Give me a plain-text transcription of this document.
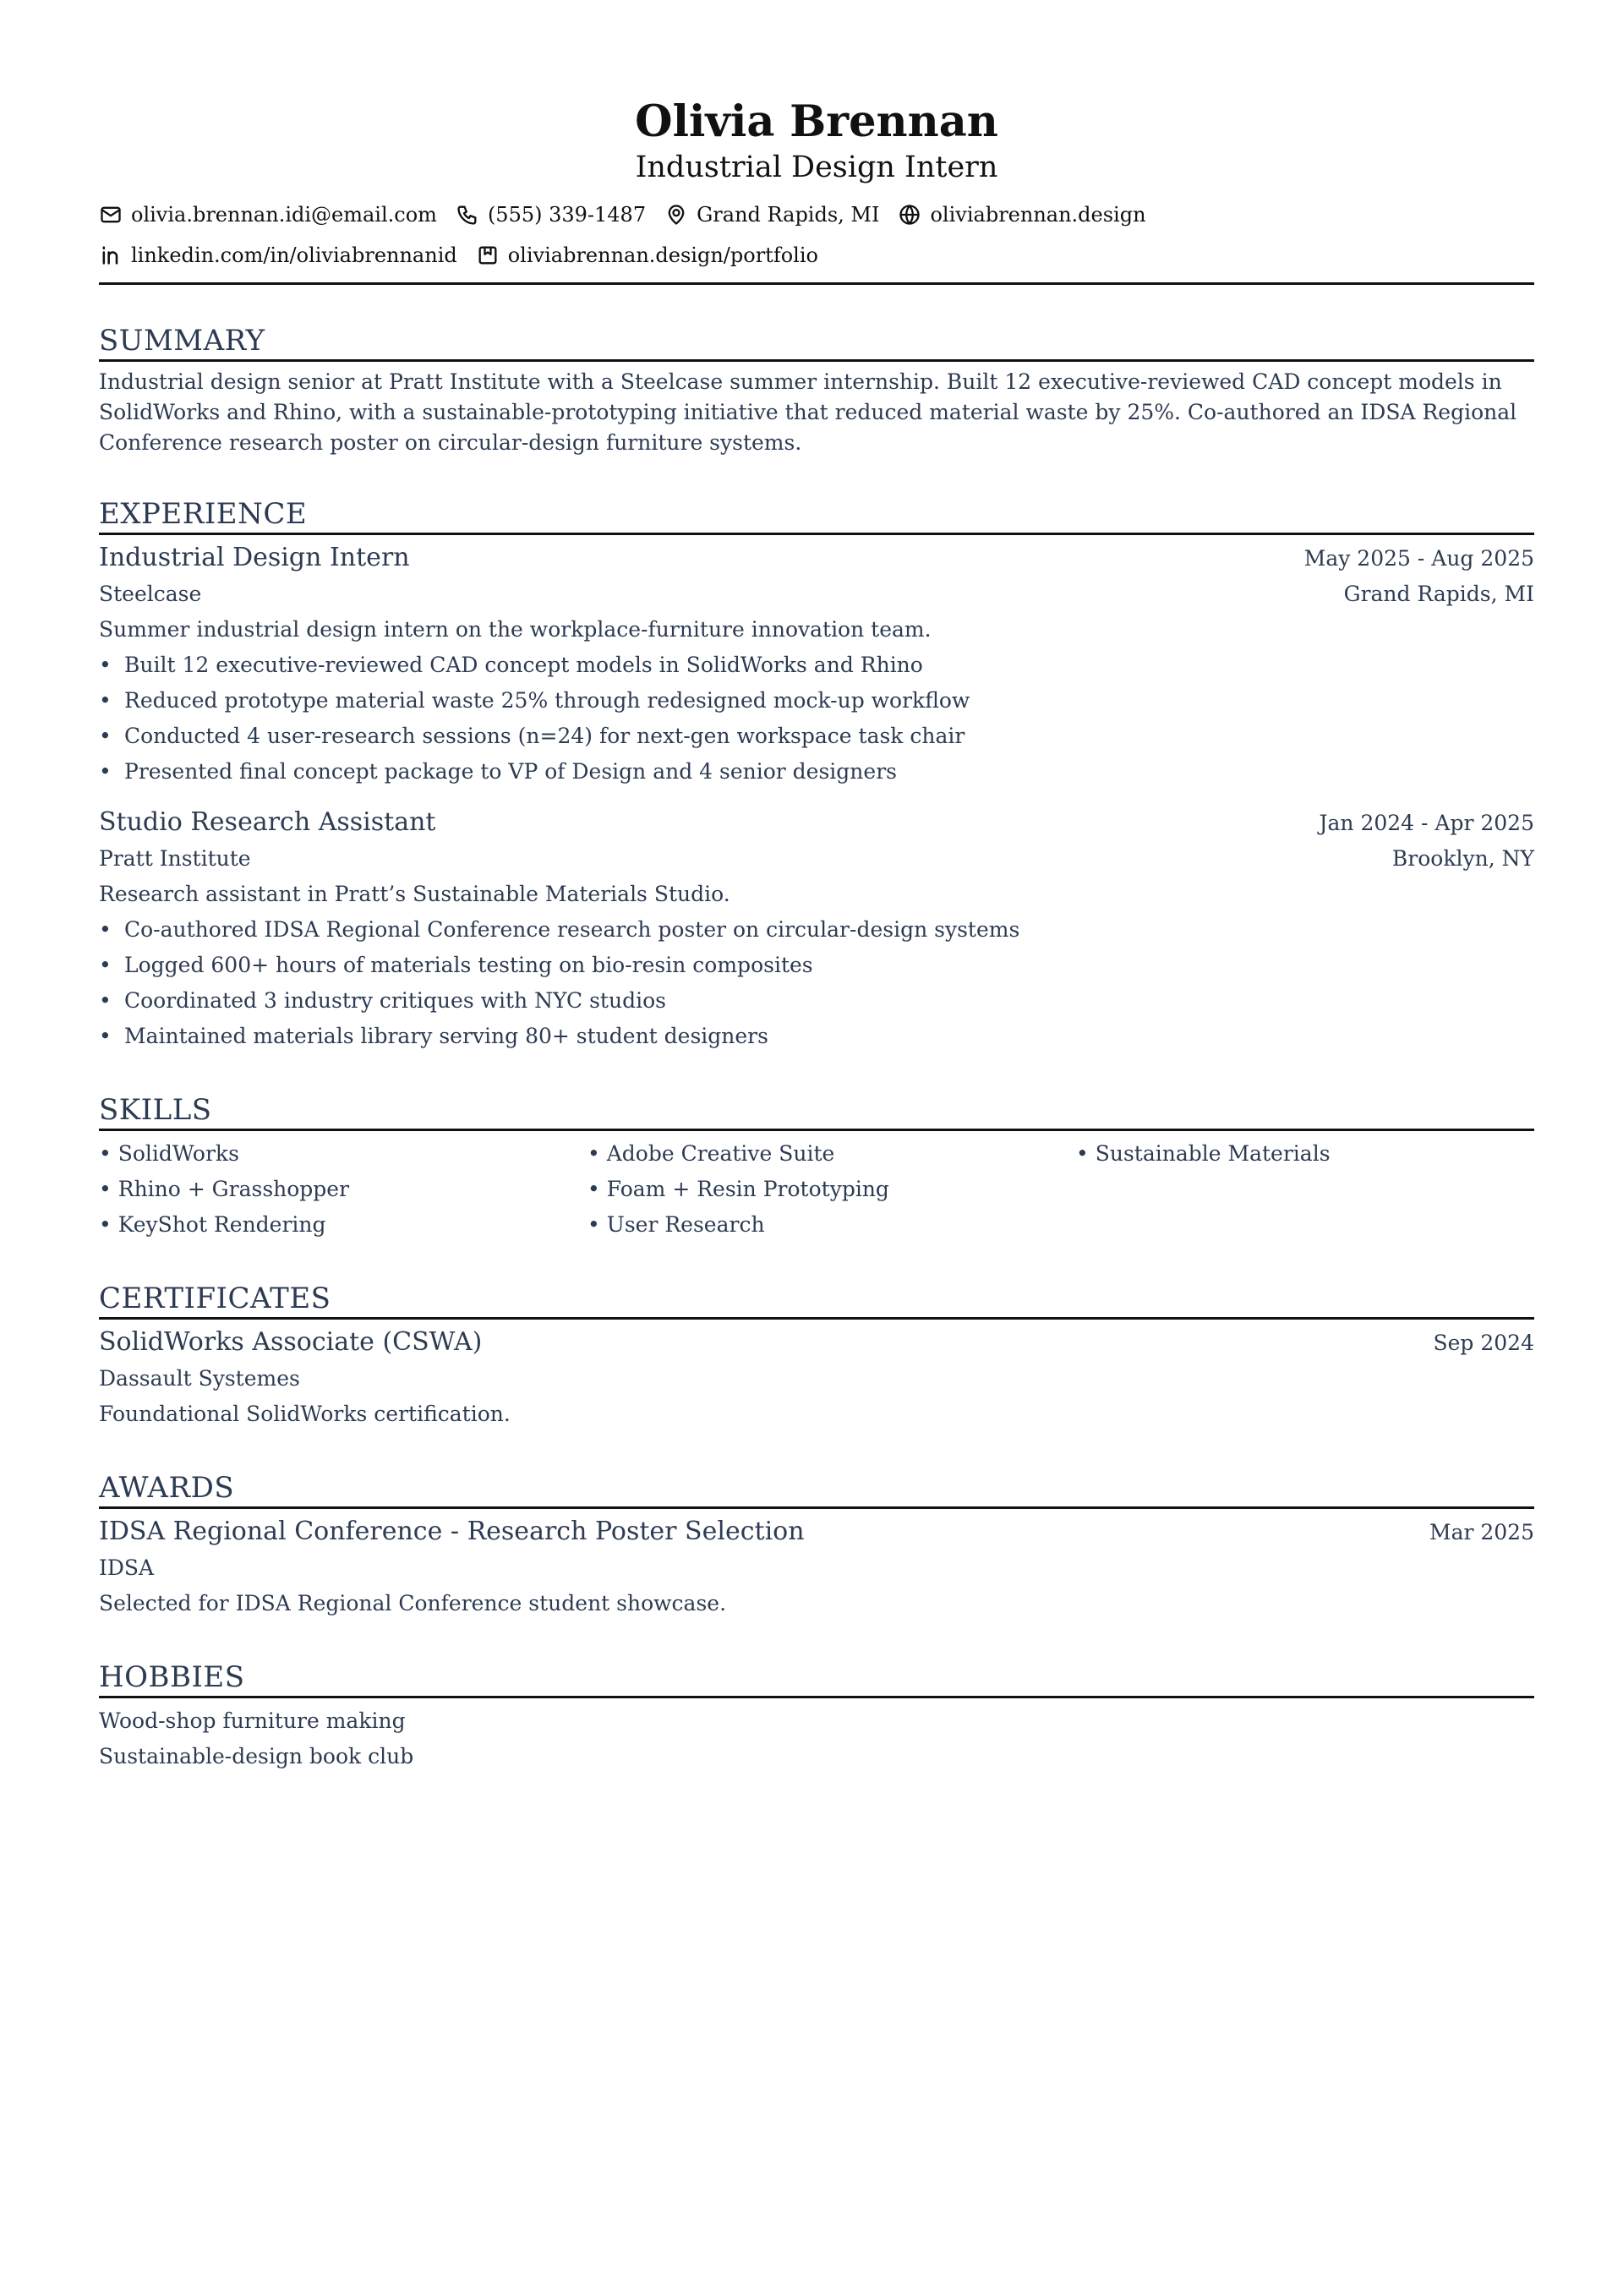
Olivia Brennan
Industrial Design Intern
olivia.brennan.idi@email.com	(555) 339-1487	Grand Rapids, MI	oliviabrennan.design
linkedin.com/in/oliviabrennanid	oliviabrennan.design/portfolio
SUMMARY
Industrial design senior at Pratt Institute with a Steelcase summer internship. Built 12 executive-reviewed CAD concept models in SolidWorks and Rhino, with a sustainable-prototyping initiative that reduced material waste by 25%. Co-authored an IDSA Regional Conference research poster on circular-design furniture systems.
EXPERIENCE
Industrial Design Intern	May 2025 - Aug 2025
Steelcase	Grand Rapids, MI
Summer industrial design intern on the workplace-furniture innovation team.
• Built 12 executive-reviewed CAD concept models in SolidWorks and Rhino
• Reduced prototype material waste 25% through redesigned mock-up workflow
• Conducted 4 user-research sessions (n=24) for next-gen workspace task chair
• Presented final concept package to VP of Design and 4 senior designers
Studio Research Assistant	Jan 2024 - Apr 2025
Pratt Institute	Brooklyn, NY
Research assistant in Pratt’s Sustainable Materials Studio.
• Co-authored IDSA Regional Conference research poster on circular-design systems
• Logged 600+ hours of materials testing on bio-resin composites
• Coordinated 3 industry critiques with NYC studios
• Maintained materials library serving 80+ student designers
SKILLS
• SolidWorks	• Adobe Creative Suite	• Sustainable Materials
• Rhino + Grasshopper	• Foam + Resin Prototyping
• KeyShot Rendering	• User Research
CERTIFICATES
SolidWorks Associate (CSWA)	Sep 2024
Dassault Systemes
Foundational SolidWorks certification.
AWARDS
IDSA Regional Conference - Research Poster Selection	Mar 2025
IDSA
Selected for IDSA Regional Conference student showcase.
HOBBIES
Wood-shop furniture making
Sustainable-design book club
